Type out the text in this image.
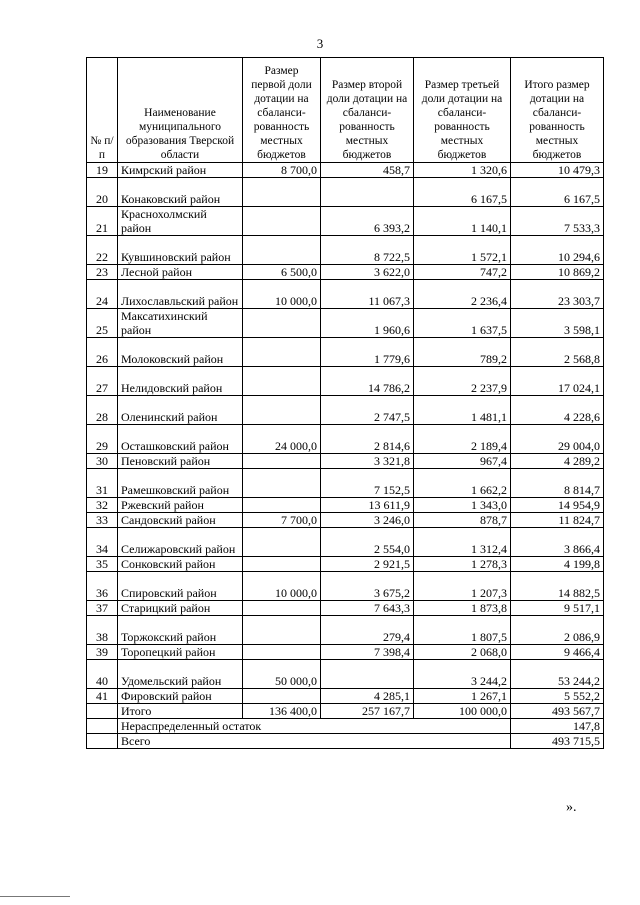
3
№ п/п	Наименование муниципального образования Тверской области	Размер первой доли дотации на сбаланси-рованность местных бюджетов	Размер второй доли дотации на сбаланси-рованность местных бюджетов	Размер третьей доли дотации на сбаланси-рованность местных бюджетов	Итого размер дотации на сбаланси-рованность местных бюджетов
19	Кимрский район	8 700,0	458,7	1 320,6	10 479,3
20	Конаковский район			6 167,5	6 167,5
21	Краснохолмский район		6 393,2	1 140,1	7 533,3
22	Кувшиновский район		8 722,5	1 572,1	10 294,6
23	Лесной район	6 500,0	3 622,0	747,2	10 869,2
24	Лихославльский район	10 000,0	11 067,3	2 236,4	23 303,7
25	Максатихинский район		1 960,6	1 637,5	3 598,1
26	Молоковский район		1 779,6	789,2	2 568,8
27	Нелидовский район		14 786,2	2 237,9	17 024,1
28	Оленинский район		2 747,5	1 481,1	4 228,6
29	Осташковский район	24 000,0	2 814,6	2 189,4	29 004,0
30	Пеновский район		3 321,8	967,4	4 289,2
31	Рамешковский район		7 152,5	1 662,2	8 814,7
32	Ржевский район		13 611,9	1 343,0	14 954,9
33	Сандовский район	7 700,0	3 246,0	878,7	11 824,7
34	Селижаровский район		2 554,0	1 312,4	3 866,4
35	Сонковский район		2 921,5	1 278,3	4 199,8
36	Спировский район	10 000,0	3 675,2	1 207,3	14 882,5
37	Старицкий район		7 643,3	1 873,8	9 517,1
38	Торжокский район		279,4	1 807,5	2 086,9
39	Торопецкий район		7 398,4	2 068,0	9 466,4
40	Удомельский район	50 000,0		3 244,2	53 244,2
41	Фировский район		4 285,1	1 267,1	5 552,2
	Итого	136 400,0	257 167,7	100 000,0	493 567,7
	Нераспределенный остаток				147,8
	Всего				493 715,5
».
